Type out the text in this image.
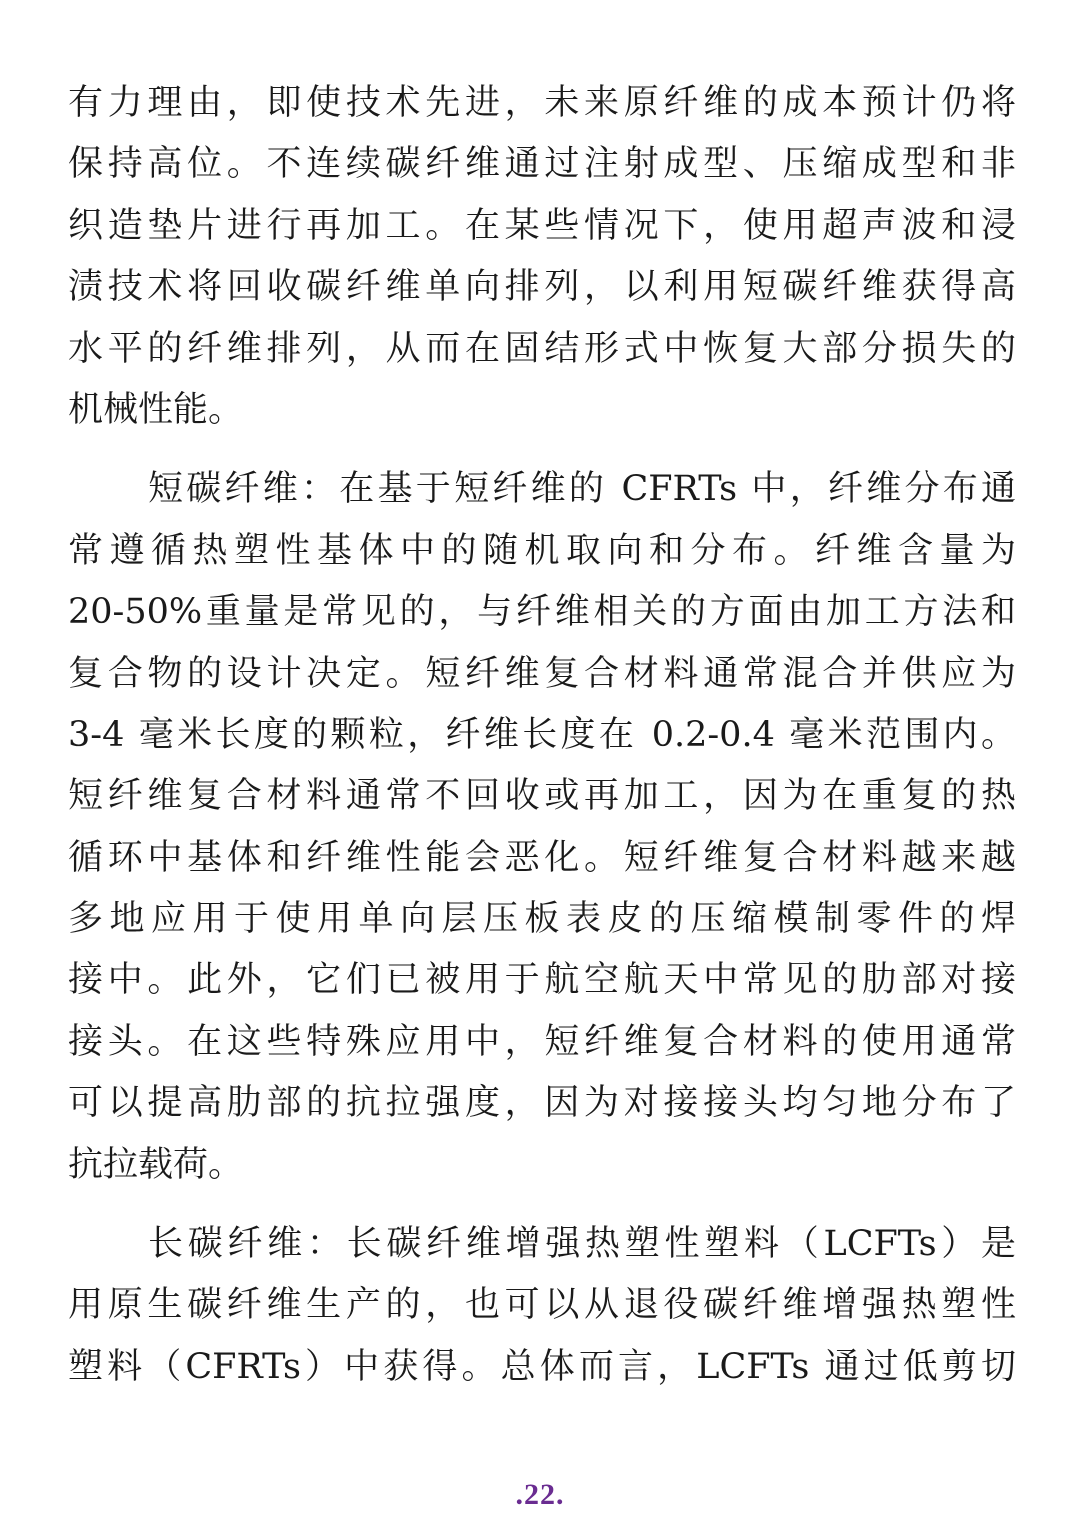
有力理由，即使技术先进，未来原纤维的成本预计仍将
保持高位。不连续碳纤维通过注射成型、压缩成型和非
织造垫片进行再加工。在某些情况下，使用超声波和浸
渍技术将回收碳纤维单向排列，以利用短碳纤维获得高
水平的纤维排列，从而在固结形式中恢复大部分损失的
机械性能。
短碳纤维：在基于短纤维的 CFRTs 中，纤维分布通
常遵循热塑性基体中的随机取向和分布。纤维含量为
20-50%重量是常见的，与纤维相关的方面由加工方法和
复合物的设计决定。短纤维复合材料通常混合并供应为
3-4 毫米长度的颗粒，纤维长度在 0.2-0.4 毫米范围内。
短纤维复合材料通常不回收或再加工，因为在重复的热
循环中基体和纤维性能会恶化。短纤维复合材料越来越
多地应用于使用单向层压板表皮的压缩模制零件的焊
接中。此外，它们已被用于航空航天中常见的肋部对接
接头。在这些特殊应用中，短纤维复合材料的使用通常
可以提高肋部的抗拉强度，因为对接接头均匀地分布了
抗拉载荷。
长碳纤维：长碳纤维增强热塑性塑料（LCFTs）是
用原生碳纤维生产的，也可以从退役碳纤维增强热塑性
塑料（CFRTs）中获得。总体而言，LCFTs 通过低剪切
.22.
